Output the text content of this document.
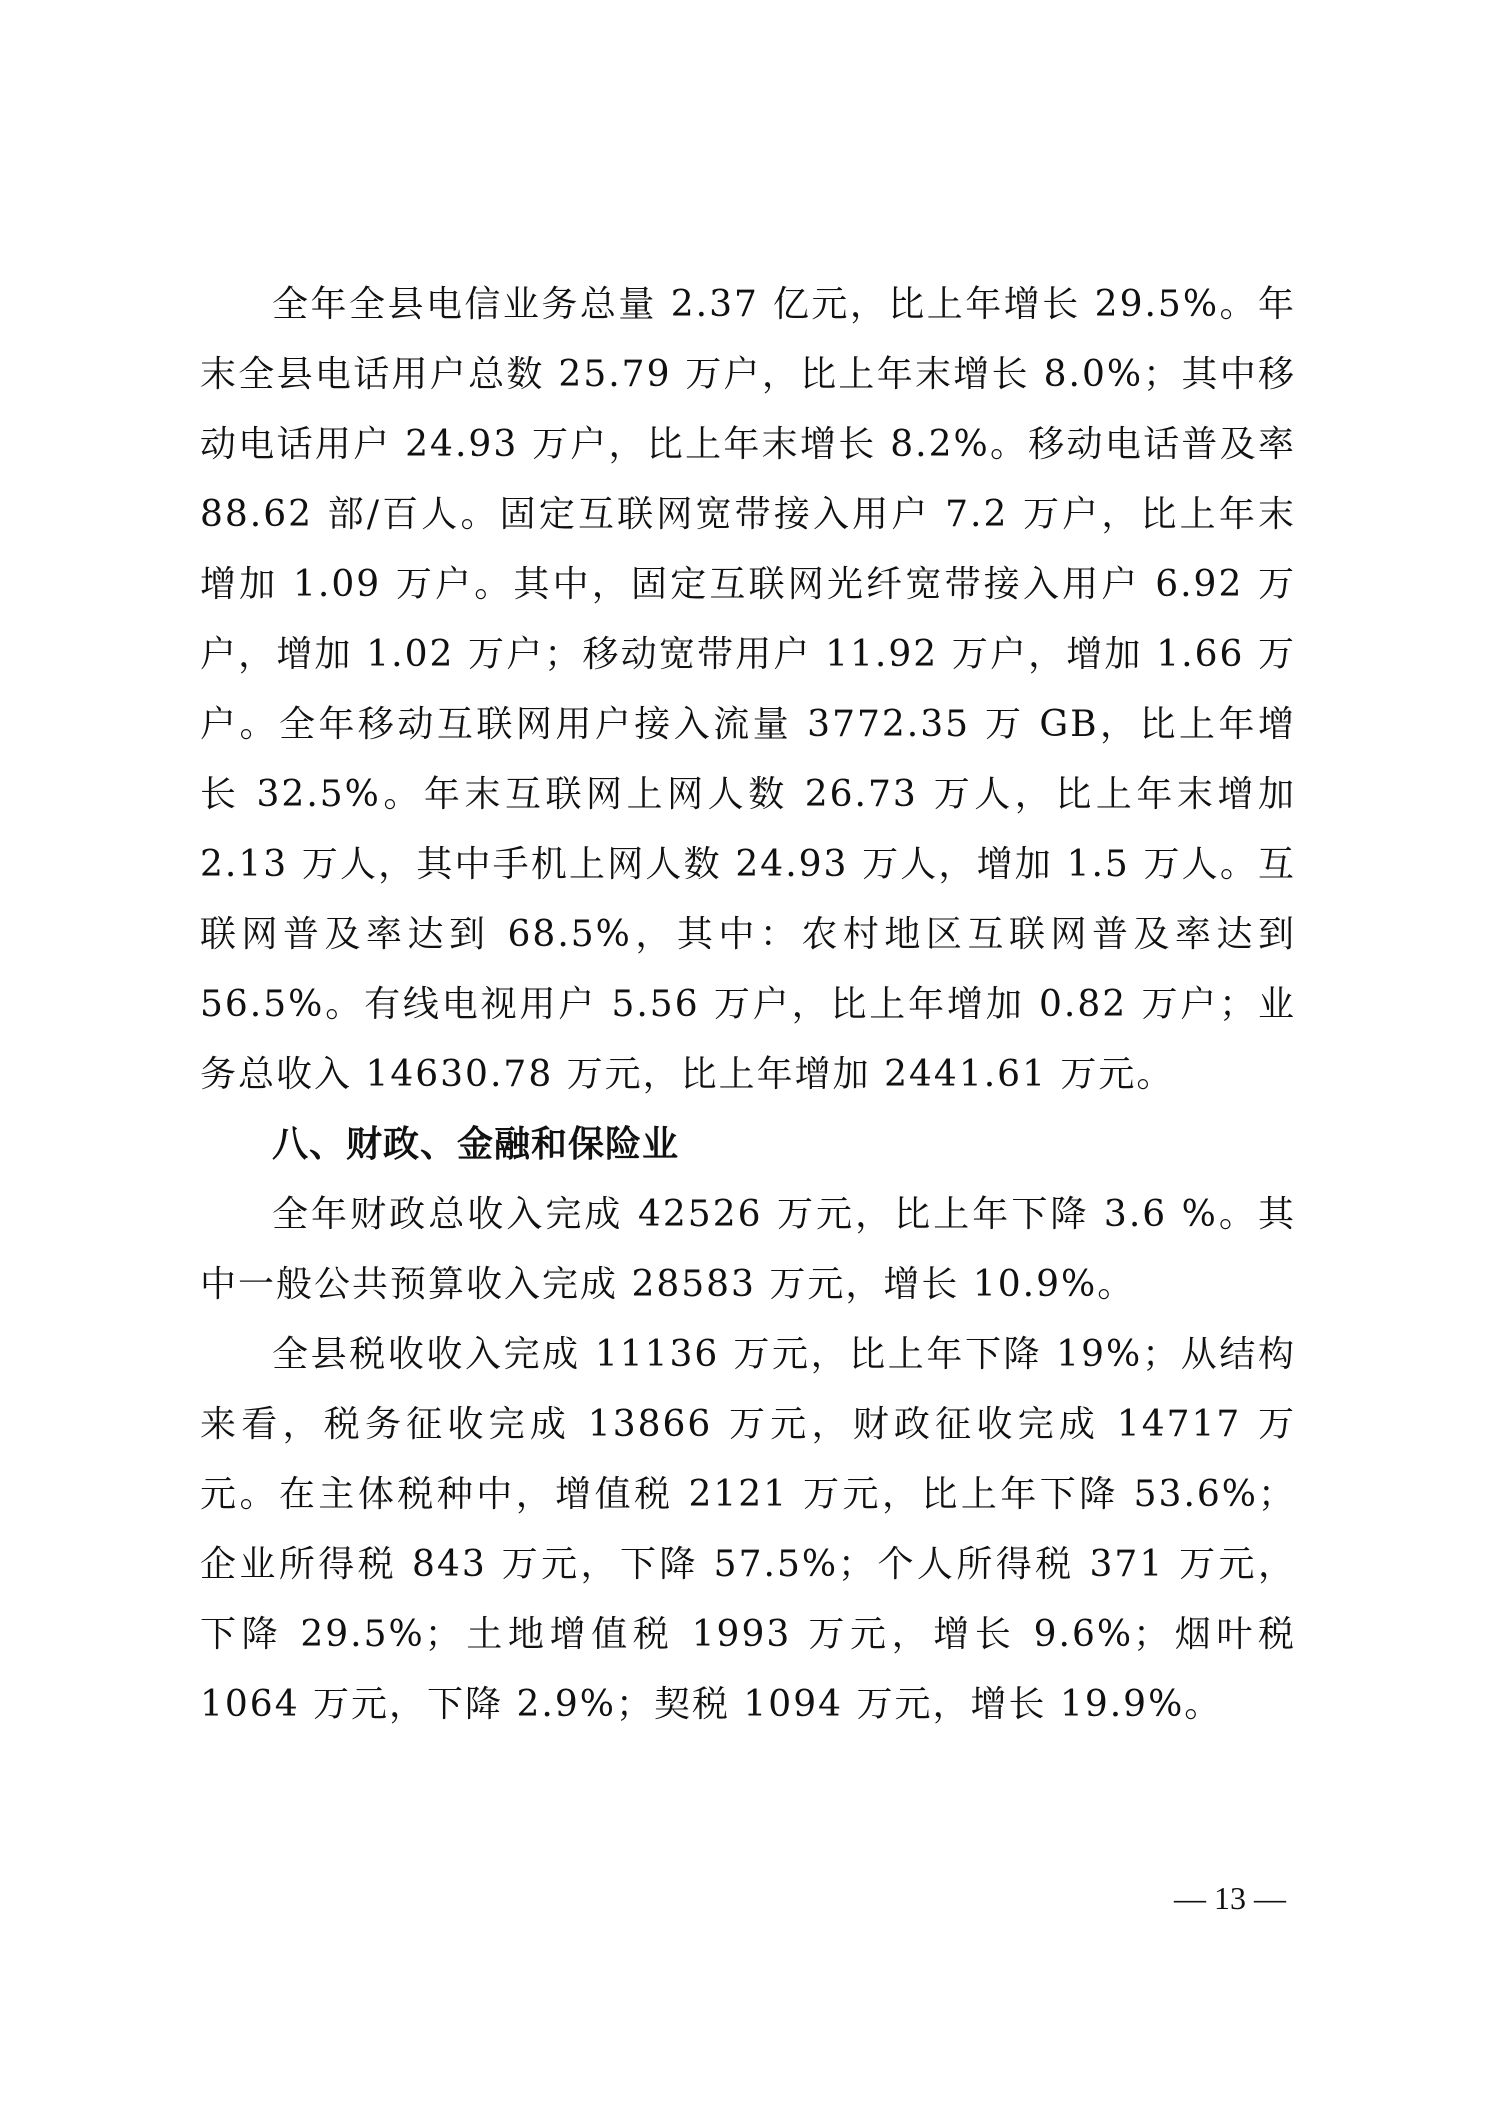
全年全县电信业务总量 2.37 亿元，比上年增长 29.5%。年末全县电话用户总数 25.79 万户，比上年末增长 8.0%；其中移动电话用户 24.93 万户，比上年末增长 8.2%。移动电话普及率 88.62 部/百人。固定互联网宽带接入用户 7.2 万户，比上年末增加 1.09 万户。其中，固定互联网光纤宽带接入用户 6.92 万户，增加 1.02 万户；移动宽带用户 11.92 万户，增加 1.66 万户。全年移动互联网用户接入流量 3772.35 万 GB，比上年增长 32.5%。年末互联网上网人数 26.73 万人，比上年末增加 2.13 万人，其中手机上网人数 24.93 万人，增加 1.5 万人。互联网普及率达到 68.5%，其中：农村地区互联网普及率达到 56.5%。有线电视用户 5.56 万户，比上年增加 0.82 万户；业务总收入 14630.78 万元，比上年增加 2441.61 万元。

八、财政、金融和保险业

全年财政总收入完成 42526 万元，比上年下降 3.6 %。其中一般公共预算收入完成 28583 万元，增长 10.9%。

全县税收收入完成 11136 万元，比上年下降 19%；从结构来看，税务征收完成 13866 万元，财政征收完成 14717 万元。在主体税种中，增值税 2121 万元，比上年下降 53.6%；企业所得税 843 万元，下降 57.5%；个人所得税 371 万元，下降 29.5%；土地增值税 1993 万元，增长 9.6%；烟叶税 1064 万元，下降 2.9%；契税 1094 万元，增长 19.9%。

— 13 —
